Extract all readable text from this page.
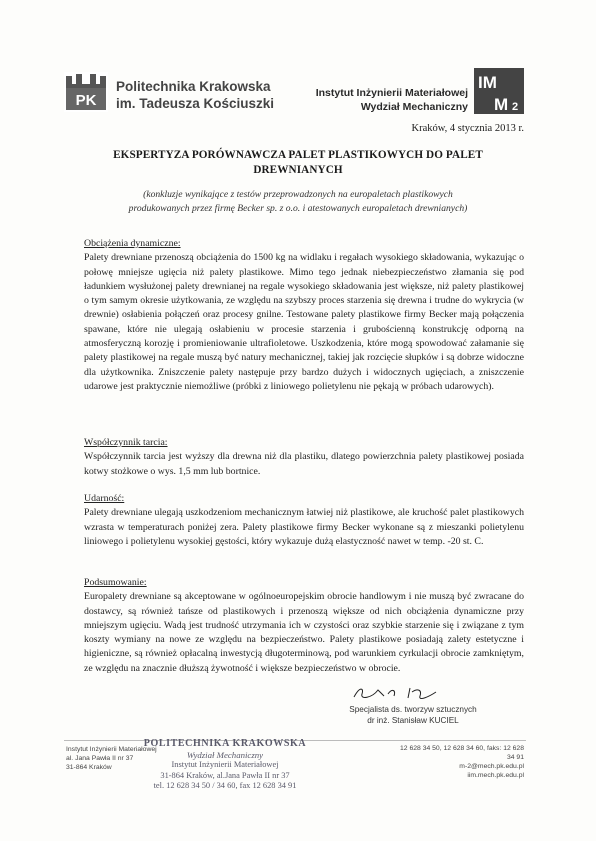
PK
Politechnika Krakowska
im. Tadeusza Kościuszki
Instytut Inżynierii Materiałowej
Wydział Mechaniczny
IM
M 2
Kraków, 4 stycznia 2013 r.
EKSPERTYZA PORÓWNAWCZA PALET PLASTIKOWYCH DO PALET
DREWNIANYCH
(konkluzje wynikające z testów przeprowadzonych na europaletach plastikowych
produkowanych przez firmę Becker sp. z o.o. i atestowanych europaletach drewnianych)
Obciążenia dynamiczne:
Palety drewniane przenoszą obciążenia do 1500 kg na widlaku i regałach wysokiego składowania, wykazując o połowę mniejsze ugięcia niż palety plastikowe. Mimo tego jednak niebezpieczeństwo złamania się pod ładunkiem wysłużonej palety drewnianej na regale wysokiego składowania jest większe, niż palety plastikowej o tym samym okresie użytkowania, ze względu na szybszy proces starzenia się drewna i trudne do wykrycia (w drewnie) osłabienia połączeń oraz procesy gnilne. Testowane palety plastikowe firmy Becker mają połączenia spawane, które nie ulegają osłabieniu w procesie starzenia i grubościenną konstrukcję odporną na atmosferyczną korozję i promieniowanie ultrafioletowe. Uszkodzenia, które mogą spowodować załamanie się palety plastikowej na regale muszą być natury mechanicznej, takiej jak rozcięcie słupków i są dobrze widoczne dla użytkownika. Zniszczenie palety następuje przy bardzo dużych i widocznych ugięciach, a zniszczenie udarowe jest praktycznie niemożliwe (próbki z liniowego polietylenu nie pękają w próbach udarowych).
Współczynnik tarcia:
Współczynnik tarcia jest wyższy dla drewna niż dla plastiku, dlatego powierzchnia palety plastikowej posiada kotwy stożkowe o wys. 1,5 mm lub bortnice.
Udarność:
Palety drewniane ulegają uszkodzeniom mechanicznym łatwiej niż plastikowe, ale kruchość palet plastikowych wzrasta w temperaturach poniżej zera. Palety plastikowe firmy Becker wykonane są z mieszanki polietylenu liniowego i polietylenu wysokiej gęstości, który wykazuje dużą elastyczność nawet w temp. -20 st. C.
Podsumowanie:
Europalety drewniane są akceptowane w ogólnoeuropejskim obrocie handlowym i nie muszą być zwracane do dostawcy, są również tańsze od plastikowych i przenoszą większe od nich obciążenia dynamiczne przy mniejszym ugięciu. Wadą jest trudność utrzymania ich w czystości oraz szybkie starzenie się i związane z tym koszty wymiany na nowe ze względu na bezpieczeństwo. Palety plastikowe posiadają zalety estetyczne i higieniczne, są również opłacalną inwestycją długoterminową, pod warunkiem cyrkulacji obrocie zamkniętym, ze względu na znacznie dłuższą żywotność i większe bezpieczeństwo w obrocie.
Specjalista ds. tworzyw sztucznych
dr inż. Stanisław KUCIEL
Instytut Inżynierii Materiałowej
al. Jana Pawła II nr 37
31-864 Kraków
POLITECHNIKA KRAKOWSKA
Wydział Mechaniczny
Instytut Inżynierii Materiałowej
31-864 Kraków, al.Jana Pawła II nr 37
tel. 12 628 34 50 / 34 60, fax 12 628 34 91
12 628 34 50, 12 628 34 60, faks: 12 628 34 91
m-2@mech.pk.edu.pl
iim.mech.pk.edu.pl
